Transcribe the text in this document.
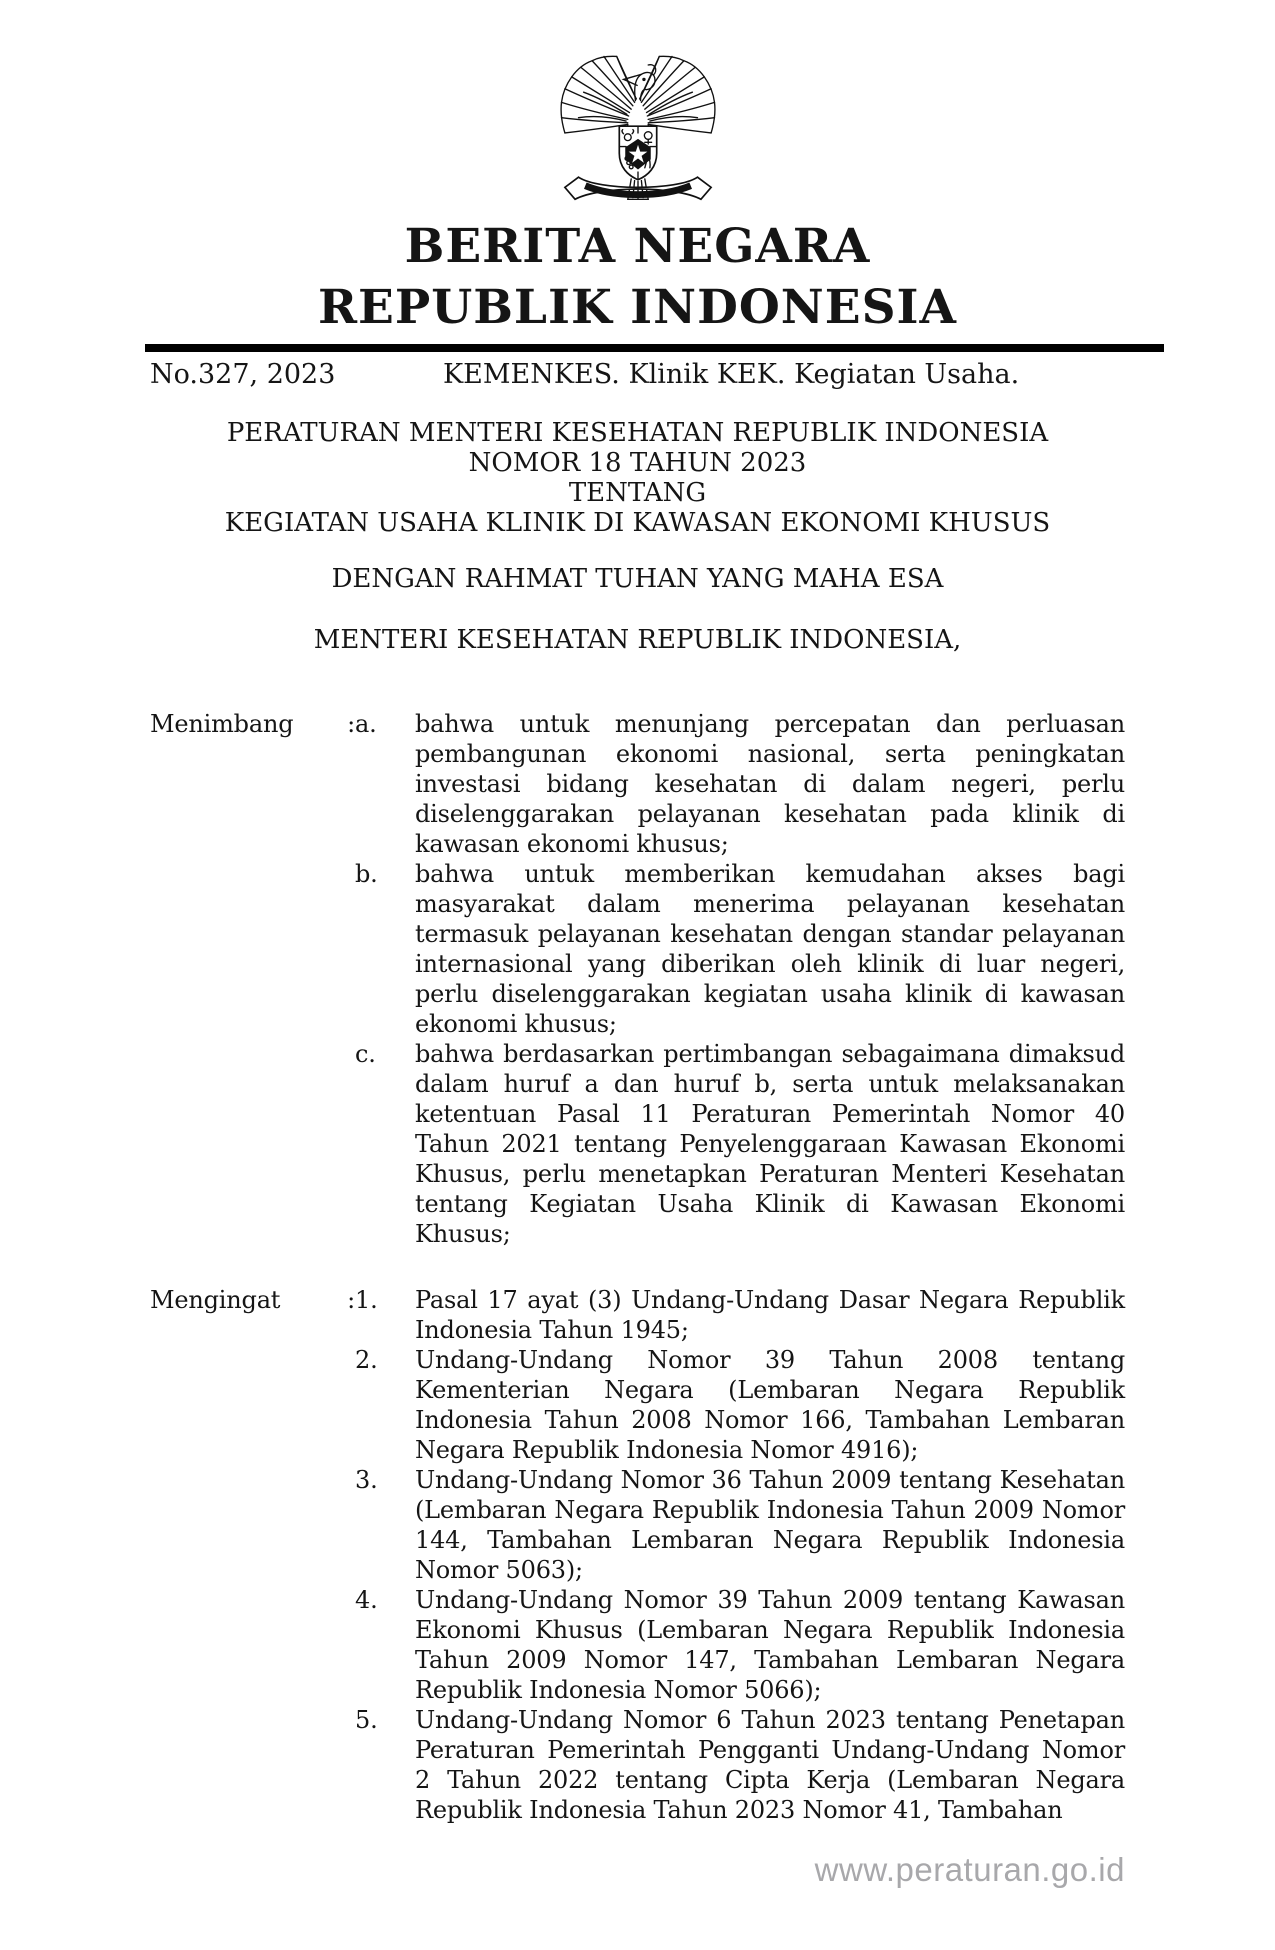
BERITA NEGARA
REPUBLIK INDONESIA
No.327, 2023	KEMENKES. Klinik KEK. Kegiatan Usaha.
PERATURAN MENTERI KESEHATAN REPUBLIK INDONESIA
NOMOR 18 TAHUN 2023
TENTANG
KEGIATAN USAHA KLINIK DI KAWASAN EKONOMI KHUSUS
DENGAN RAHMAT TUHAN YANG MAHA ESA
MENTERI KESEHATAN REPUBLIK INDONESIA,
Menimbang : a.	bahwa untuk menunjang percepatan dan perluasan pembangunan ekonomi nasional, serta peningkatan investasi bidang kesehatan di dalam negeri, perlu diselenggarakan pelayanan kesehatan pada klinik di kawasan ekonomi khusus;

b.	bahwa untuk memberikan kemudahan akses bagi masyarakat dalam menerima pelayanan kesehatan termasuk pelayanan kesehatan dengan standar pelayanan internasional yang diberikan oleh klinik di luar negeri, perlu diselenggarakan kegiatan usaha klinik di kawasan ekonomi khusus;

c.	bahwa berdasarkan pertimbangan sebagaimana dimaksud dalam huruf a dan huruf b, serta untuk melaksanakan ketentuan Pasal 11 Peraturan Pemerintah Nomor 40 Tahun 2021 tentang Penyelenggaraan Kawasan Ekonomi Khusus, perlu menetapkan Peraturan Menteri Kesehatan tentang Kegiatan Usaha Klinik di Kawasan Ekonomi Khusus;

Mengingat	: 1.	Pasal 17 ayat (3) Undang-Undang Dasar Negara Republik Indonesia Tahun 1945;

2.	Undang-Undang Nomor 39 Tahun 2008 tentang Kementerian Negara (Lembaran Negara Republik Indonesia Tahun 2008 Nomor 166, Tambahan Lembaran Negara Republik Indonesia Nomor 4916);

3.	Undang-Undang Nomor 36 Tahun 2009 tentang Kesehatan (Lembaran Negara Republik Indonesia Tahun 2009 Nomor 144, Tambahan Lembaran Negara Republik Indonesia Nomor 5063);

4.	Undang-Undang Nomor 39 Tahun 2009 tentang Kawasan Ekonomi Khusus (Lembaran Negara Republik Indonesia Tahun 2009 Nomor 147, Tambahan Lembaran Negara Republik Indonesia Nomor 5066);

5.	Undang-Undang Nomor 6 Tahun 2023 tentang Penetapan Peraturan Pemerintah Pengganti Undang-Undang Nomor 2 Tahun 2022 tentang Cipta Kerja (Lembaran Negara Republik Indonesia Tahun 2023 Nomor 41, Tambahan

www.peraturan.go.id
